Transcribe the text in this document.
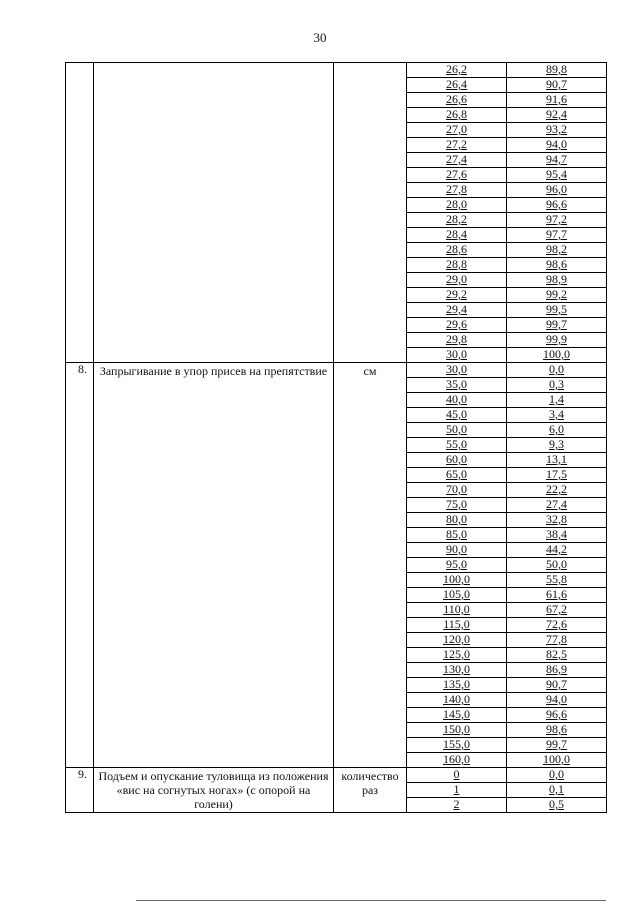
30
			26,2	89,8
			26,4	90,7
			26,6	91,6
			26,8	92,4
			27,0	93,2
			27,2	94,0
			27,4	94,7
			27,6	95,4
			27,8	96,0
			28,0	96,6
			28,2	97,2
			28,4	97,7
			28,6	98,2
			28,8	98,6
			29,0	98,9
			29,2	99,2
			29,4	99,5
			29,6	99,7
			29,8	99,9
			30,0	100,0
8.	Запрыгивание в упор присев на препятствие	см	30,0	0,0
			35,0	0,3
			40,0	1,4
			45,0	3,4
			50,0	6,0
			55,0	9,3
			60,0	13,1
			65,0	17,5
			70,0	22,2
			75,0	27,4
			80,0	32,8
			85,0	38,4
			90,0	44,2
			95,0	50,0
			100,0	55,8
			105,0	61,6
			110,0	67,2
			115,0	72,6
			120,0	77,8
			125,0	82,5
			130,0	86,9
			135,0	90,7
			140,0	94,0
			145,0	96,6
			150,0	98,6
			155,0	99,7
			160,0	100,0
9.	Подъем и опускание туловища из положения «вис на согнутых ногах» (с опорой на голени)	количество раз	0	0,0
			1	0,1
			2	0,5
